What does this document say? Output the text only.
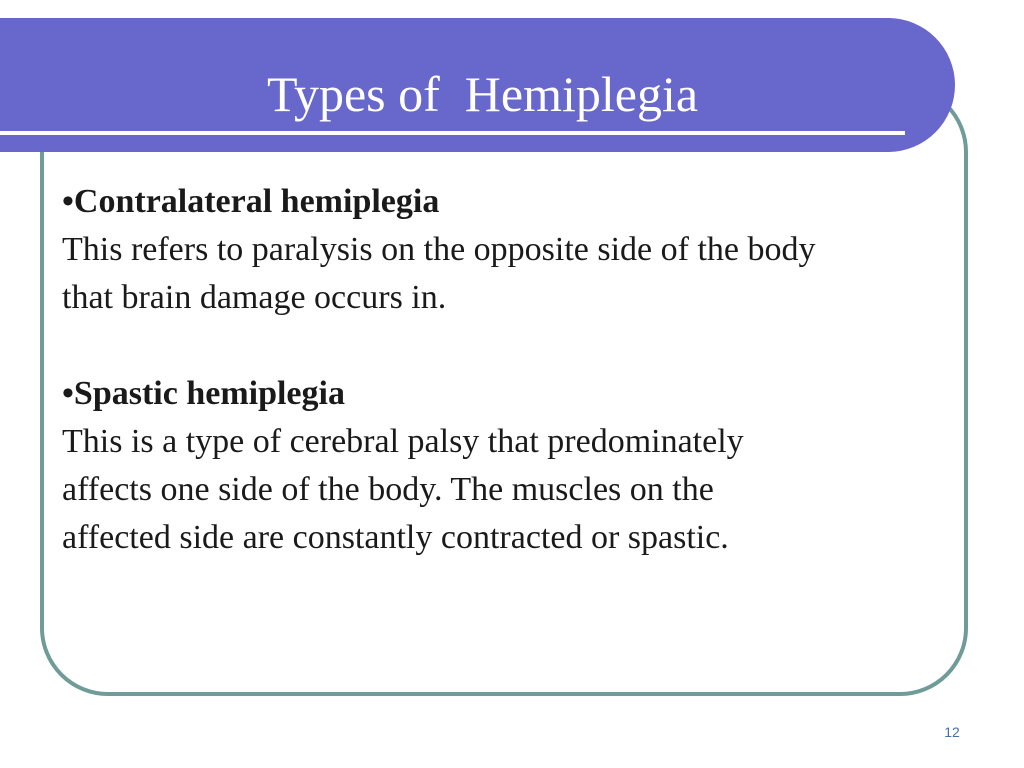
Types of  Hemiplegia

•Contralateral hemiplegia

This refers to paralysis on the opposite side of the body

that brain damage occurs in.

•Spastic hemiplegia

This is a type of cerebral palsy that predominately

affects one side of the body. The muscles on the

affected side are constantly contracted or spastic.

12
